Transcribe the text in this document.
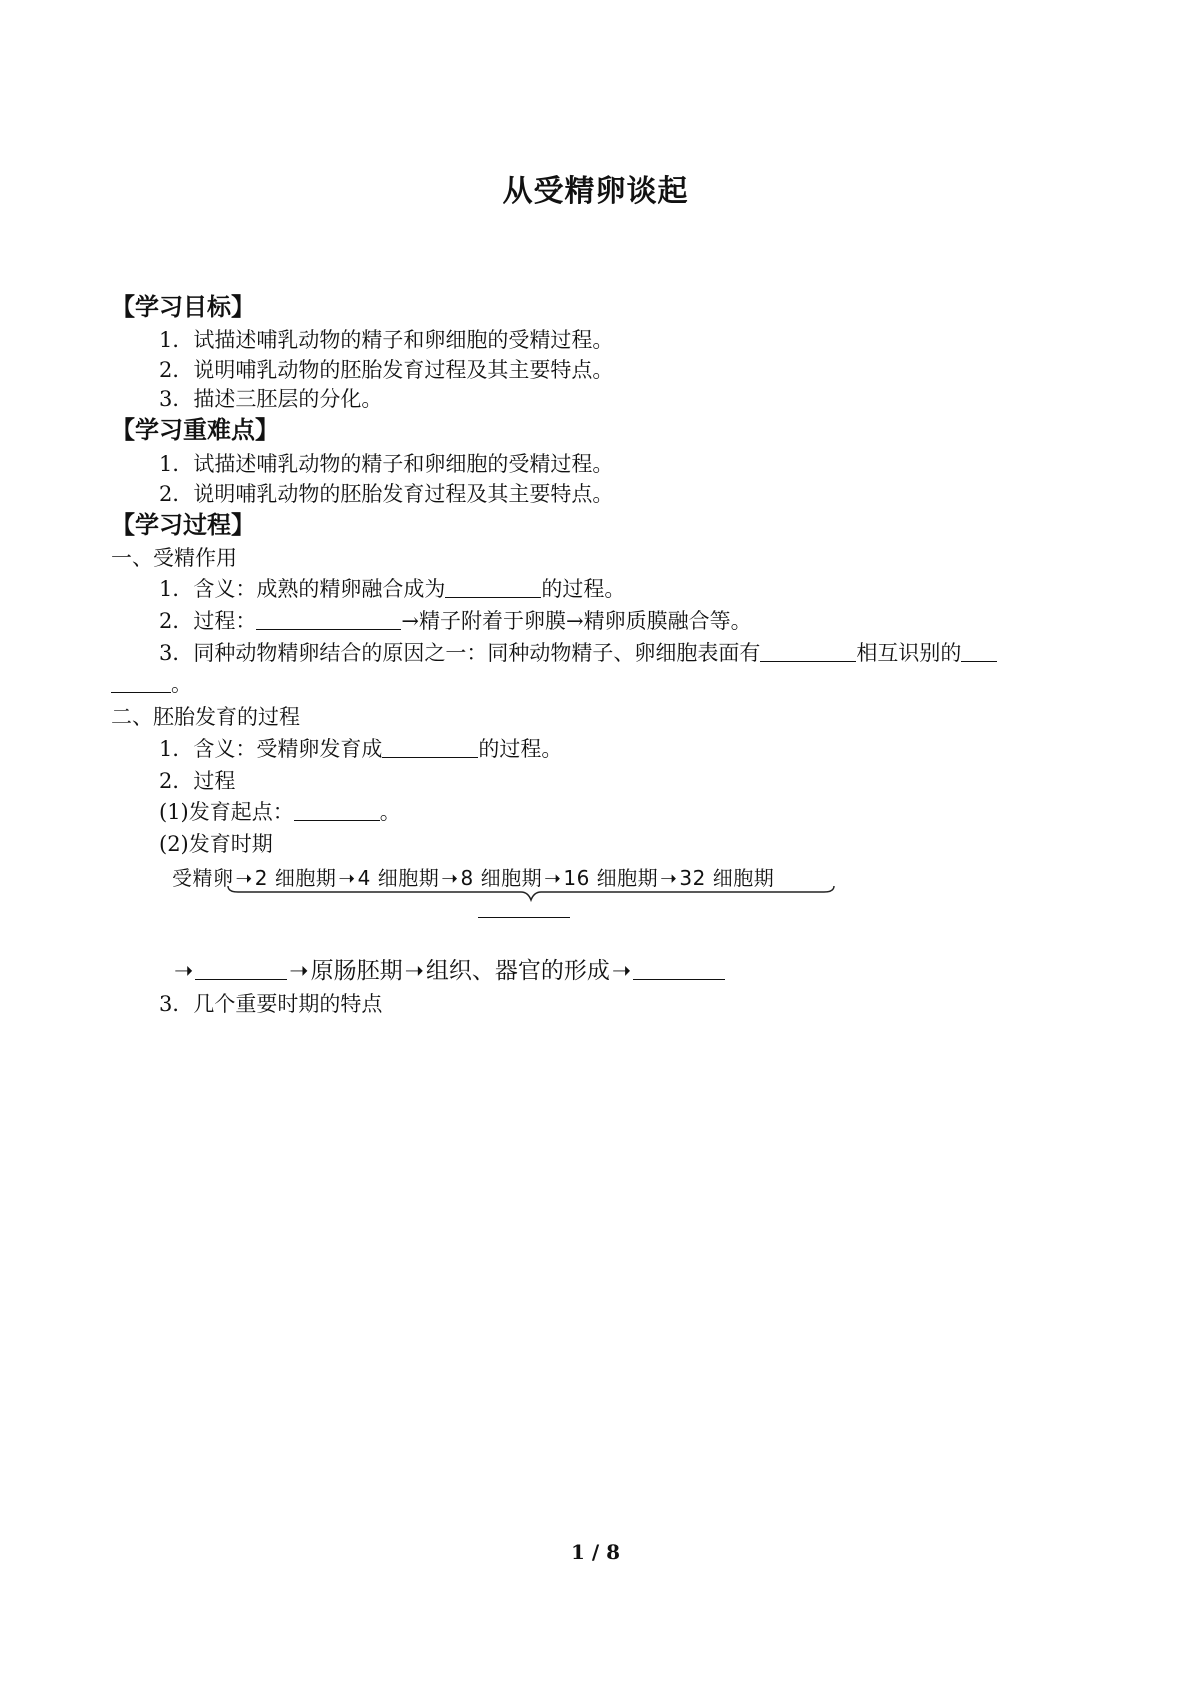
从受精卵谈起
【学习目标】
1．试描述哺乳动物的精子和卵细胞的受精过程。
2．说明哺乳动物的胚胎发育过程及其主要特点。
3．描述三胚层的分化。
【学习重难点】
1．试描述哺乳动物的精子和卵细胞的受精过程。
2．说明哺乳动物的胚胎发育过程及其主要特点。
【学习过程】
一、受精作用
1．含义：成熟的精卵融合成为	的过程。
2．过程：	→精子附着于卵膜→精卵质膜融合等。
3．同种动物精卵结合的原因之一：同种动物精子、卵细胞表面有	相互识别的
。
二、胚胎发育的过程
1．含义：受精卵发育成	的过程。
2．过程
(1)发育起点：	。
(2)发育时期
受精卵 ➝ 2 细胞期 ➝ 4 细胞期 ➝ 8 细胞期 ➝ 16 细胞期 ➝ 32 细胞期
➝	➝原肠胚期➝组织、器官的形成➝
3．几个重要时期的特点
1 / 8
